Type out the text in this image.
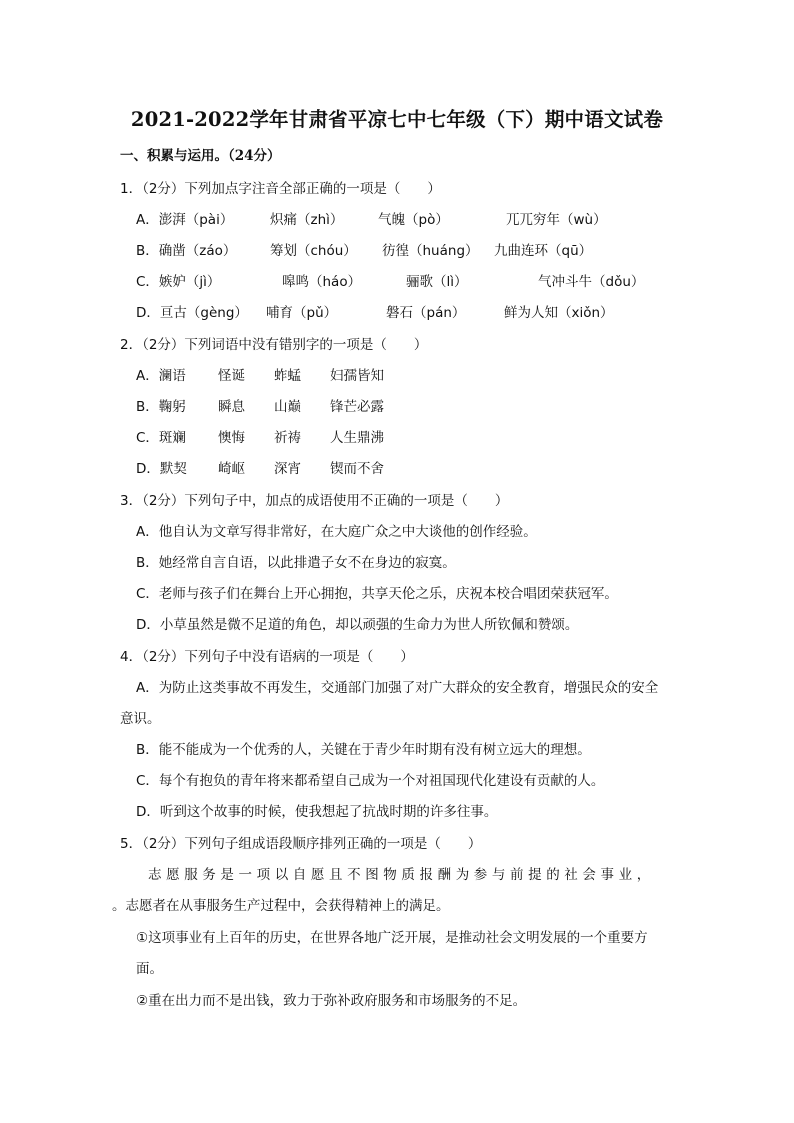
2021-2022学年甘肃省平凉七中七年级（下）期中语文试卷
一、积累与运用。（24分）
1．（2分）下列加点字注音全部正确的一项是（　　）
A．澎湃（pài）	炽痛（zhì）	气魄（pò）	兀兀穷年（wù）
B．确凿（záo） 筹划（chóu） 彷徨（huáng） 九曲连环（qū）
C．嫉妒（jì）	嗥鸣（háo）	骊歌（lì）	气冲斗牛（dǒu）
D．亘古（gèng） 哺育（pǔ）	磐石（pán）	鲜为人知（xiǒn）
2．（2分）下列词语中没有错别字的一项是（　　）
A．澜语 怪诞 蚱蜢 妇孺皆知
B．鞠躬 瞬息 山巅 锋芒必露
C．斑斓 懊悔 祈祷 人生鼎沸
D．默契 崎岖 深宵 锲而不舍
3．（2分）下列句子中，加点的成语使用不正确的一项是（　　）
A．他自认为文章写得非常好，在大庭广众之中大谈他的创作经验。
B．她经常自言自语，以此排遣子女不在身边的寂寞。
C．老师与孩子们在舞台上开心拥抱，共享天伦之乐，庆祝本校合唱团荣获冠军。
D．小草虽然是微不足道的角色，却以顽强的生命力为世人所钦佩和赞颂。
4．（2分）下列句子中没有语病的一项是（　　）
A．为防止这类事故不再发生，交通部门加强了对广大群众的安全教育，增强民众的安全
意识。
B．能不能成为一个优秀的人，关键在于青少年时期有没有树立远大的理想。
C．每个有抱负的青年将来都希望自己成为一个对祖国现代化建设有贡献的人。
D．听到这个故事的时候，使我想起了抗战时期的许多往事。
5．（2分）下列句子组成语段顺序排列正确的一项是（　　）
志愿服务是一项以自愿且不图物质报酬为参与前提的社会事业，
。志愿者在从事服务生产过程中，会获得精神上的满足。
①这项事业有上百年的历史，在世界各地广泛开展，是推动社会文明发展的一个重要方
面。
②重在出力而不是出钱，致力于弥补政府服务和市场服务的不足。
